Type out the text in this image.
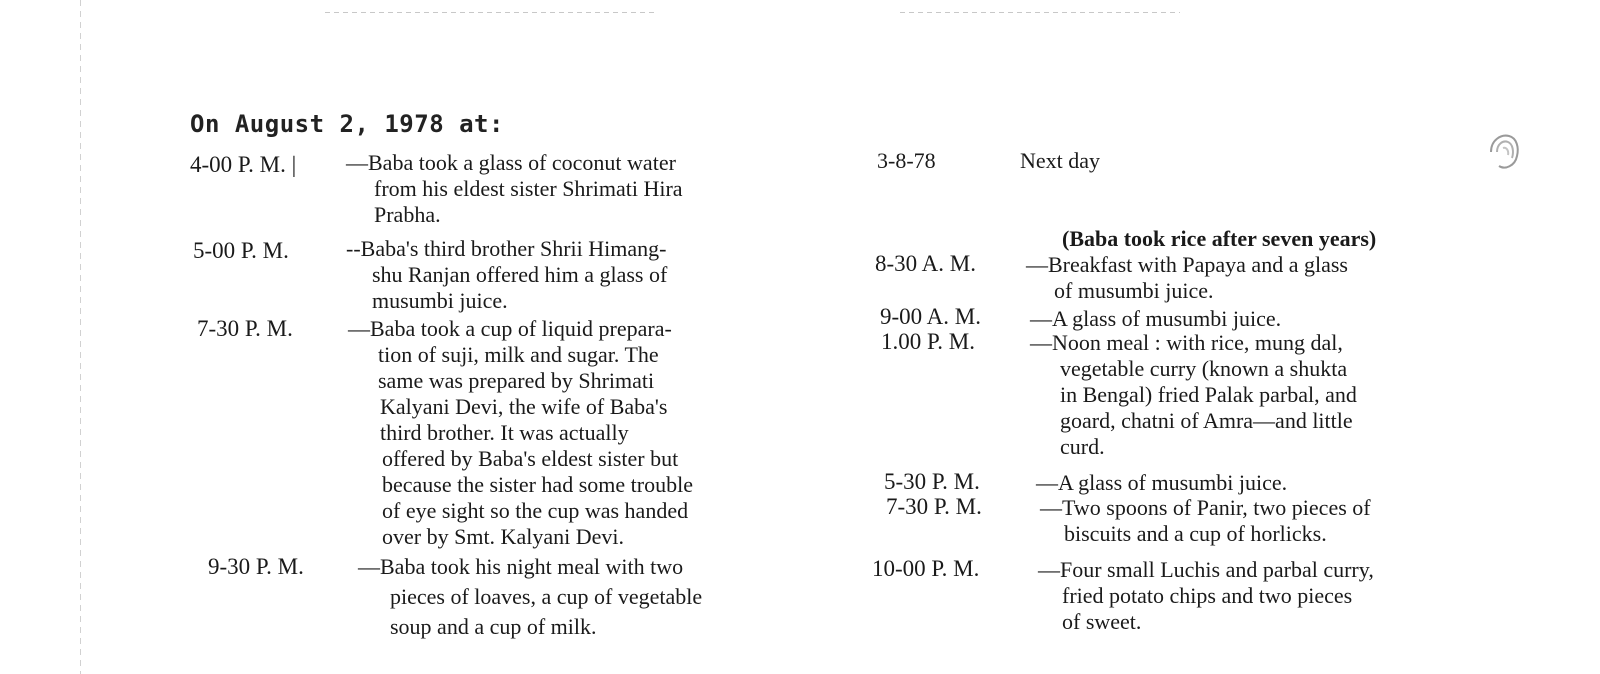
On August 2, 1978 at:
4-00 P. M. | —Baba took a glass of coconut water
from his eldest sister Shrimati Hira
Prabha.
5-00 P. M.	--Baba's third brother Shrii Himang-
shu Ranjan offered him a glass of
musumbi juice.
7-30 P. M.	—Baba took a cup of liquid prepara-
tion of suji, milk and sugar. The
same was prepared by Shrimati
Kalyani Devi, the wife of Baba's
third brother. It was actually
offered by Baba's eldest sister but
because the sister had some trouble
of eye sight so the cup was handed
over by Smt. Kalyani Devi.
9-30 P. M. —Baba took his night meal with two
pieces of loaves, a cup of vegetable
soup and a cup of milk.
3-8-78	Next day
(Baba took rice after seven years)
8-30 A. M. —Breakfast with Papaya and a glass
of musumbi juice.
9-00 A. M. —A glass of musumbi juice.
1.00 P. M.	—Noon meal : with rice, mung dal,
vegetable curry (known a shukta
in Bengal) fried Palak parbal, and
goard, chatni of Amra—and little
curd.
5-30 P. M.	—A glass of musumbi juice.
7-30 P. M.	—Two spoons of Panir, two pieces of
biscuits and a cup of horlicks.
10-00 P. M.	—Four small Luchis and parbal curry,
fried potato chips and two pieces
of sweet.
